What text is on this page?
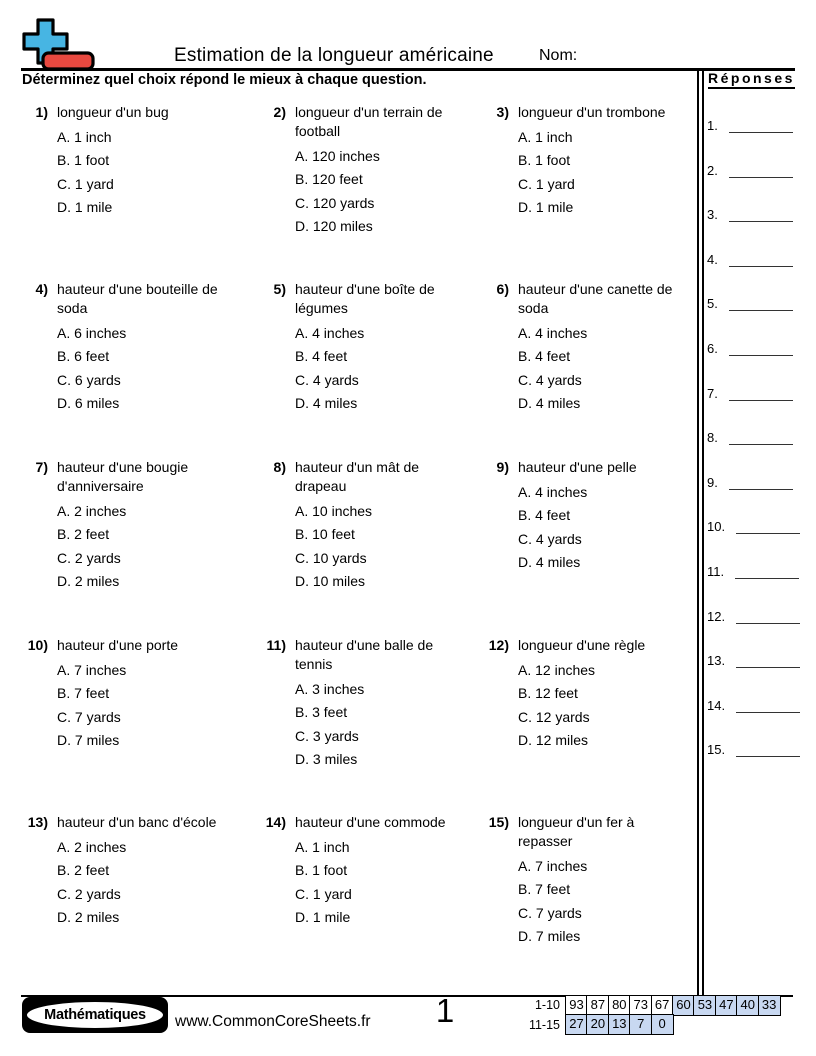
Estimation de la longueur américaine	Nom:
Déterminez quel choix répond le mieux à chaque question.
1) longueur d'un bug
A. 1 inch
B. 1 foot
C. 1 yard
D. 1 mile
2) longueur d'un terrain de football
A. 120 inches
B. 120 feet
C. 120 yards
D. 120 miles
3) longueur d'un trombone
A. 1 inch
B. 1 foot
C. 1 yard
D. 1 mile
4) hauteur d'une bouteille de soda
A. 6 inches
B. 6 feet
C. 6 yards
D. 6 miles
5) hauteur d'une boîte de légumes
A. 4 inches
B. 4 feet
C. 4 yards
D. 4 miles
6) hauteur d'une canette de soda
A. 4 inches
B. 4 feet
C. 4 yards
D. 4 miles
7) hauteur d'une bougie d'anniversaire
A. 2 inches
B. 2 feet
C. 2 yards
D. 2 miles
8) hauteur d'un mât de drapeau
A. 10 inches
B. 10 feet
C. 10 yards
D. 10 miles
9) hauteur d'une pelle
A. 4 inches
B. 4 feet
C. 4 yards
D. 4 miles
10) hauteur d'une porte
A. 7 inches
B. 7 feet
C. 7 yards
D. 7 miles
11) hauteur d'une balle de tennis
A. 3 inches
B. 3 feet
C. 3 yards
D. 3 miles
12) longueur d'une règle
A. 12 inches
B. 12 feet
C. 12 yards
D. 12 miles
13) hauteur d'un banc d'école
A. 2 inches
B. 2 feet
C. 2 yards
D. 2 miles
14) hauteur d'une commode
A. 1 inch
B. 1 foot
C. 1 yard
D. 1 mile
15) longueur d'un fer à repasser
A. 7 inches
B. 7 feet
C. 7 yards
D. 7 miles
Réponses
1.
2.
3.
4.
5.
6.
7.
8.
9.
10.
11.
12.
13.
14.
15.
Mathématiques www.CommonCoreSheets.fr 1	1-10 93 87 80 73 67 60 53 47 40 33
11-15 27 20 13 7	0
